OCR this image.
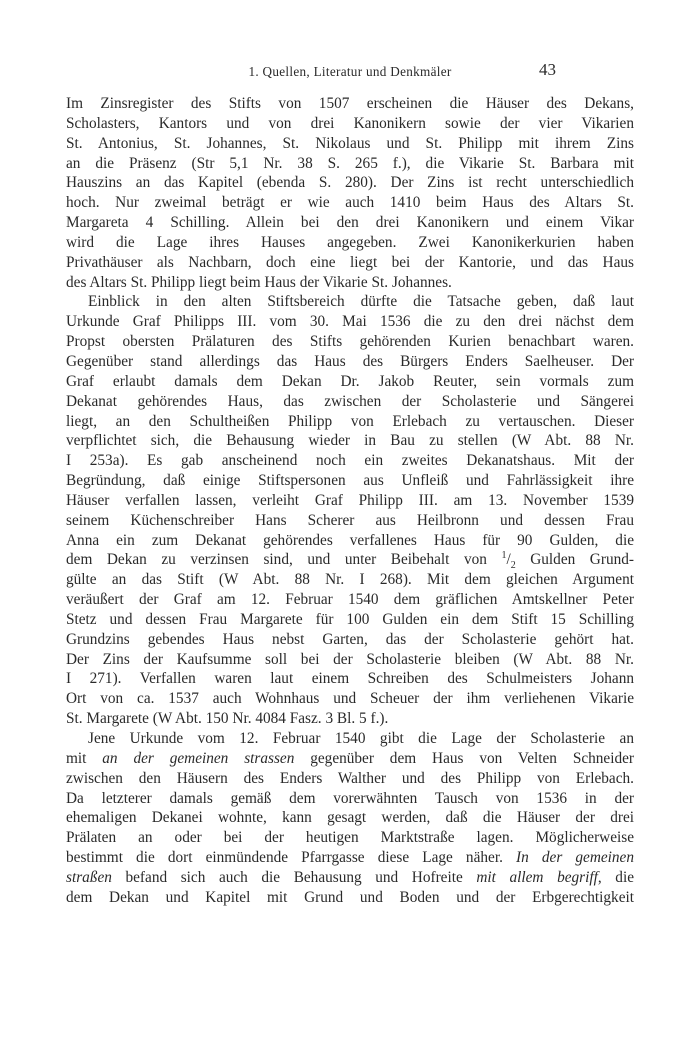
1. Quellen, Literatur und Denkmäler	43
Im Zinsregister des Stifts von 1507 erscheinen die Häuser des Dekans,
Scholasters, Kantors und von drei Kanonikern sowie der vier Vikarien
St. Antonius, St. Johannes, St. Nikolaus und St. Philipp mit ihrem Zins
an die Präsenz (Str 5,1 Nr. 38 S. 265 f.), die Vikarie St. Barbara mit
Hauszins an das Kapitel (ebenda S. 280). Der Zins ist recht unterschiedlich
hoch. Nur zweimal beträgt er wie auch 1410 beim Haus des Altars St.
Margareta 4 Schilling. Allein bei den drei Kanonikern und einem Vikar
wird die Lage ihres Hauses angegeben. Zwei Kanonikerkurien haben
Privathäuser als Nachbarn, doch eine liegt bei der Kantorie, und das Haus
des Altars St. Philipp liegt beim Haus der Vikarie St. Johannes.
Einblick in den alten Stiftsbereich dürfte die Tatsache geben, daß laut
Urkunde Graf Philipps III. vom 30. Mai 1536 die zu den drei nächst dem
Propst obersten Prälaturen des Stifts gehörenden Kurien benachbart waren.
Gegenüber stand allerdings das Haus des Bürgers Enders Saelheuser. Der
Graf erlaubt damals dem Dekan Dr. Jakob Reuter, sein vormals zum
Dekanat gehörendes Haus, das zwischen der Scholasterie und Sängerei
liegt, an den Schultheißen Philipp von Erlebach zu vertauschen. Dieser
verpflichtet sich, die Behausung wieder in Bau zu stellen (W Abt. 88 Nr.
I 253a). Es gab anscheinend noch ein zweites Dekanatshaus. Mit der
Begründung, daß einige Stiftspersonen aus Unfleiß und Fahrlässigkeit ihre
Häuser verfallen lassen, verleiht Graf Philipp III. am 13. November 1539
seinem Küchenschreiber Hans Scherer aus Heilbronn und dessen Frau
Anna ein zum Dekanat gehörendes verfallenes Haus für 90 Gulden, die
dem Dekan zu verzinsen sind, und unter Beibehalt von $^1/_2$ Gulden Grund-
gülte an das Stift (W Abt. 88 Nr. I 268). Mit dem gleichen Argument
veräußert der Graf am 12. Februar 1540 dem gräflichen Amtskellner Peter
Stetz und dessen Frau Margarete für 100 Gulden ein dem Stift 15 Schilling
Grundzins gebendes Haus nebst Garten, das der Scholasterie gehört hat.
Der Zins der Kaufsumme soll bei der Scholasterie bleiben (W Abt. 88 Nr.
I 271). Verfallen waren laut einem Schreiben des Schulmeisters Johann
Ort von ca. 1537 auch Wohnhaus und Scheuer der ihm verliehenen Vikarie
St. Margarete (W Abt. 150 Nr. 4084 Fasz. 3 Bl. 5 f.).
Jene Urkunde vom 12. Februar 1540 gibt die Lage der Scholasterie an
mit an der gemeinen strassen gegenüber dem Haus von Velten Schneider
zwischen den Häusern des Enders Walther und des Philipp von Erlebach.
Da letzterer damals gemäß dem vorerwähnten Tausch von 1536 in der
ehemaligen Dekanei wohnte, kann gesagt werden, daß die Häuser der drei
Prälaten an oder bei der heutigen Marktstraße lagen. Möglicherweise
bestimmt die dort einmündende Pfarrgasse diese Lage näher. In der gemeinen
straßen befand sich auch die Behausung und Hofreite mit allem begriff, die
dem Dekan und Kapitel mit Grund und Boden und der Erbgerechtigkeit
